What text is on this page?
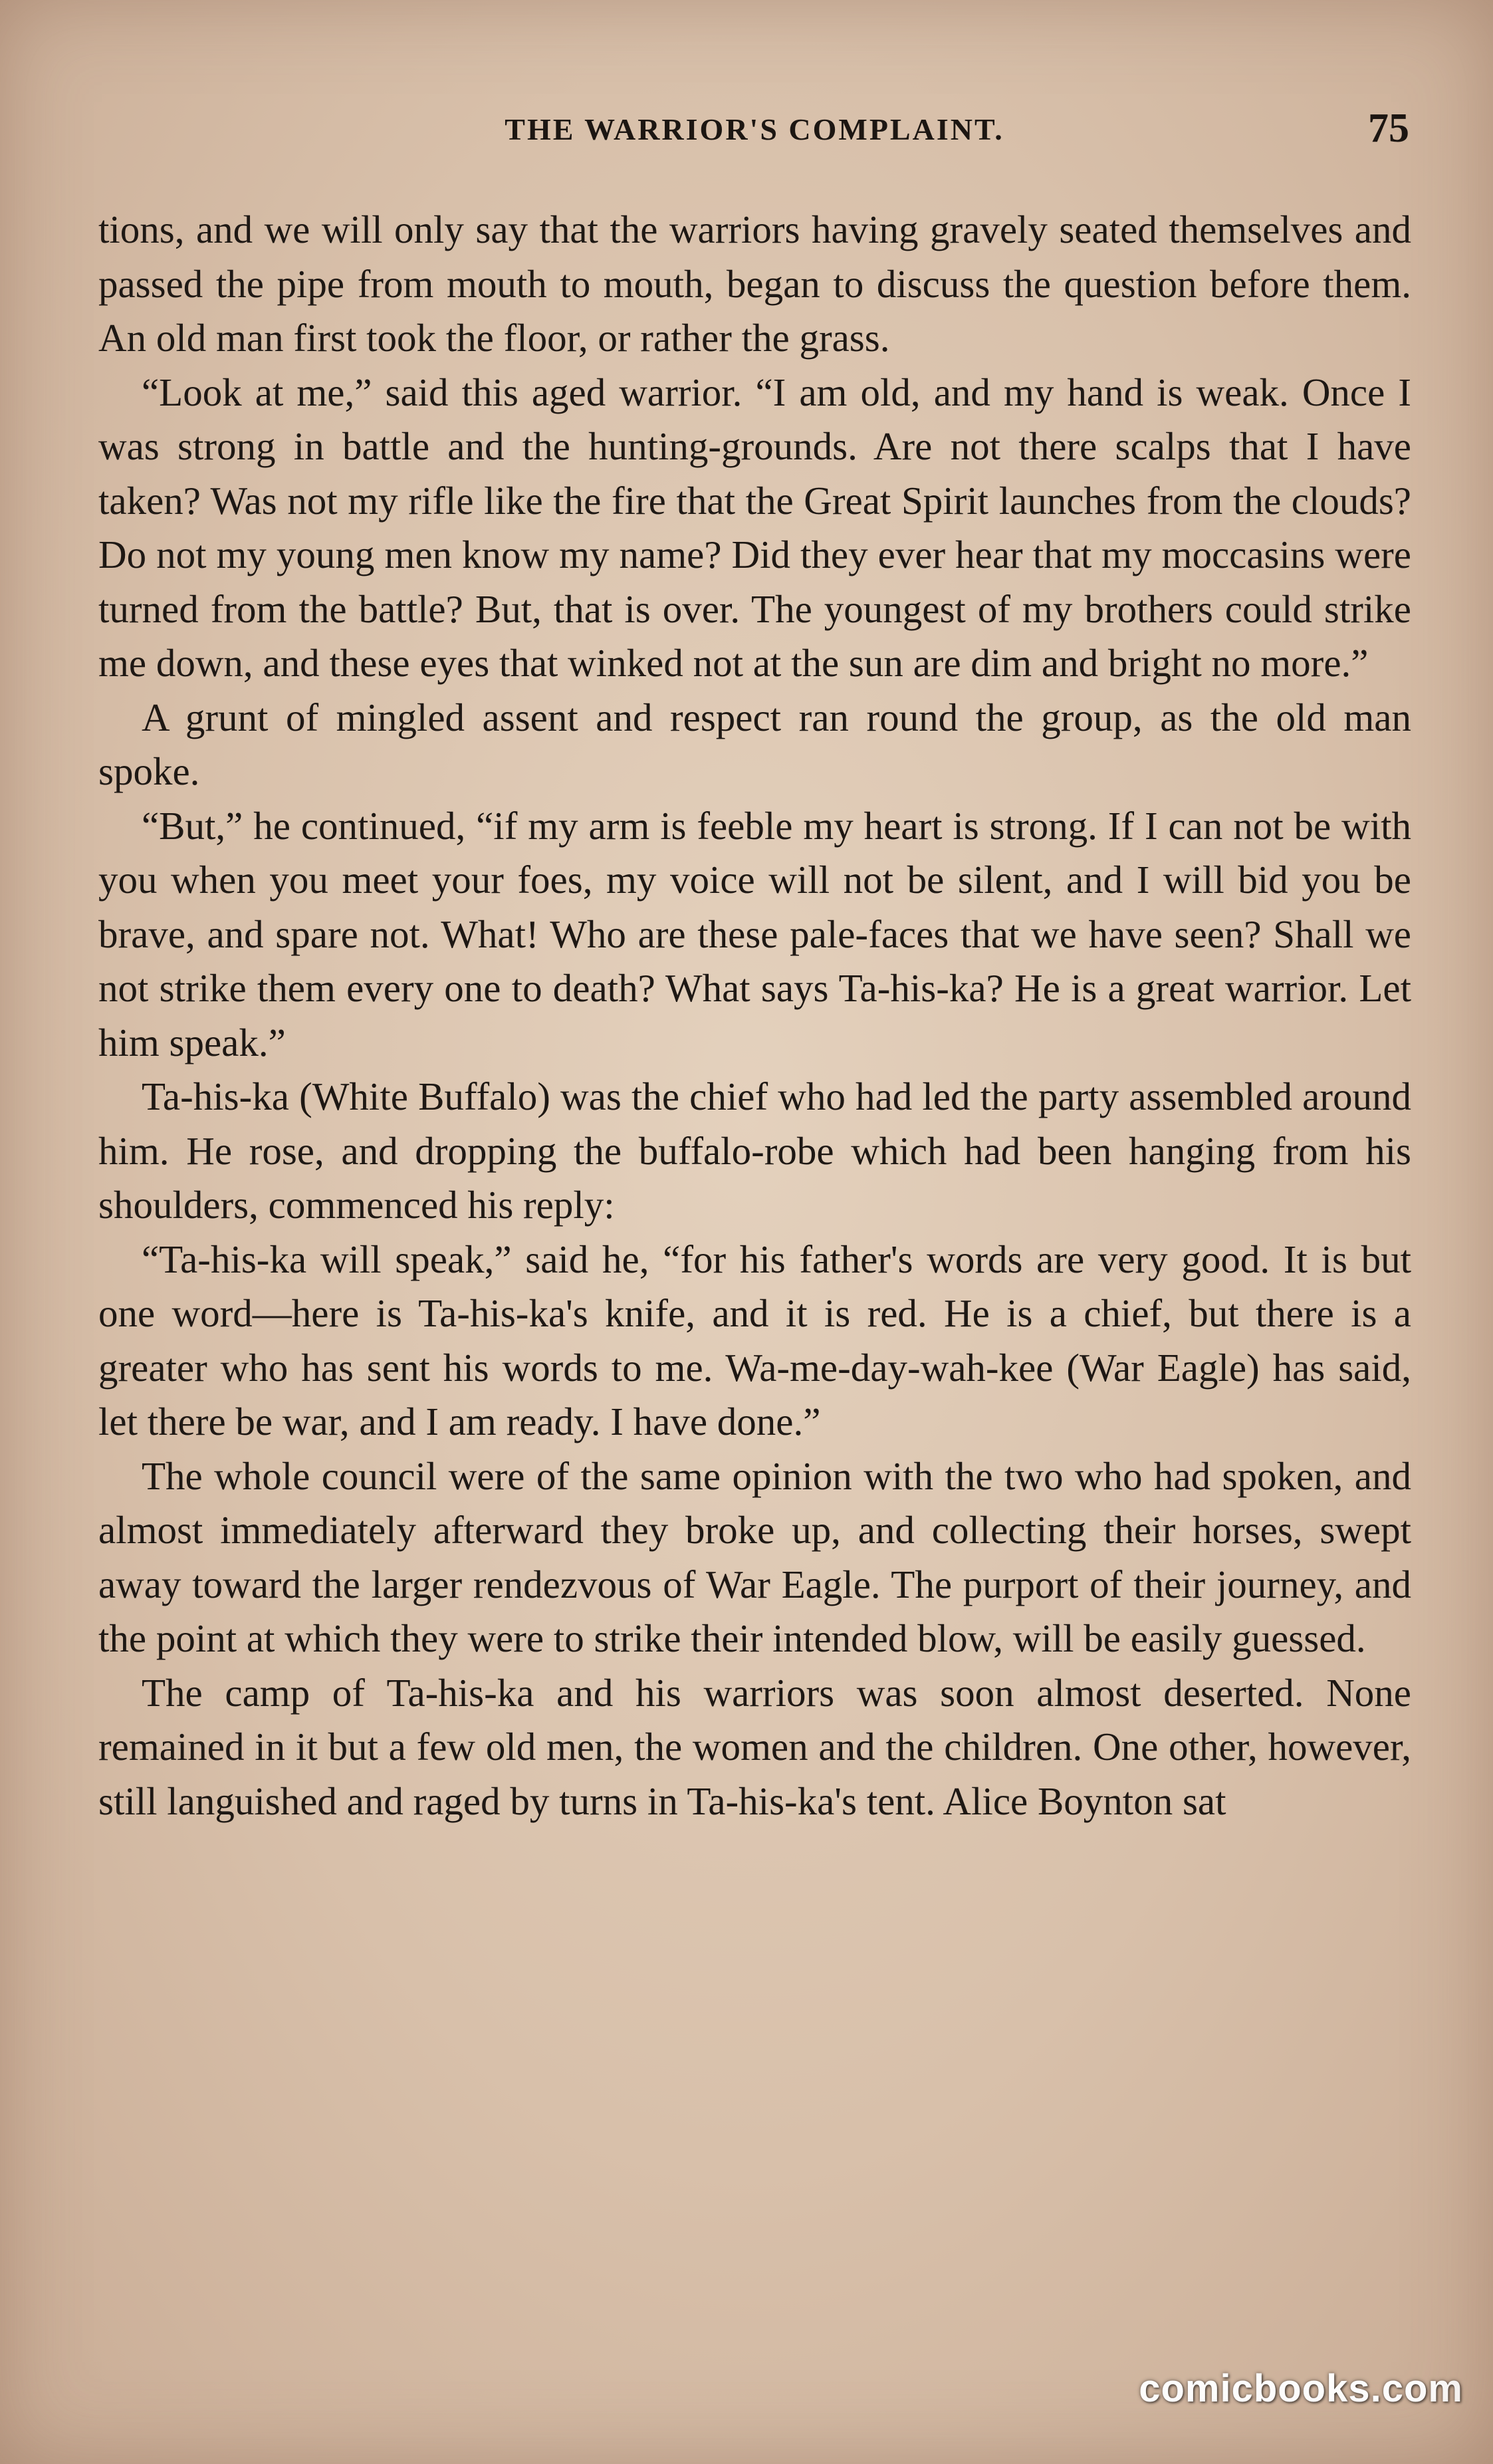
THE WARRIOR'S COMPLAINT.	75

tions, and we will only say that the warriors having gravely seated themselves and passed the pipe from mouth to mouth, began to discuss the question before them. An old man first took the floor, or rather the grass.

“Look at me,” said this aged warrior. “I am old, and my hand is weak. Once I was strong in battle and the hunting-grounds. Are not there scalps that I have taken? Was not my rifle like the fire that the Great Spirit launches from the clouds? Do not my young men know my name? Did they ever hear that my moccasins were turned from the battle? But, that is over. The youngest of my brothers could strike me down, and these eyes that winked not at the sun are dim and bright no more.”

A grunt of mingled assent and respect ran round the group, as the old man spoke.

“But,” he continued, “if my arm is feeble my heart is strong. If I can not be with you when you meet your foes, my voice will not be silent, and I will bid you be brave, and spare not. What! Who are these pale-faces that we have seen? Shall we not strike them every one to death? What says Ta-his-ka? He is a great warrior. Let him speak.”

Ta-his-ka (White Buffalo) was the chief who had led the party assembled around him. He rose, and dropping the buffalo-robe which had been hanging from his shoulders, commenced his reply:

“Ta-his-ka will speak,” said he, “for his father's words are very good. It is but one word—here is Ta-his-ka's knife, and it is red. He is a chief, but there is a greater who has sent his words to me. Wa-me-day-wah-kee (War Eagle) has said, let there be war, and I am ready. I have done.”

The whole council were of the same opinion with the two who had spoken, and almost immediately afterward they broke up, and collecting their horses, swept away toward the larger rendezvous of War Eagle. The purport of their journey, and the point at which they were to strike their intended blow, will be easily guessed.

The camp of Ta-his-ka and his warriors was soon almost deserted. None remained in it but a few old men, the women and the children. One other, however, still languished and raged by turns in Ta-his-ka's tent. Alice Boynton sat

comicbooks.com
